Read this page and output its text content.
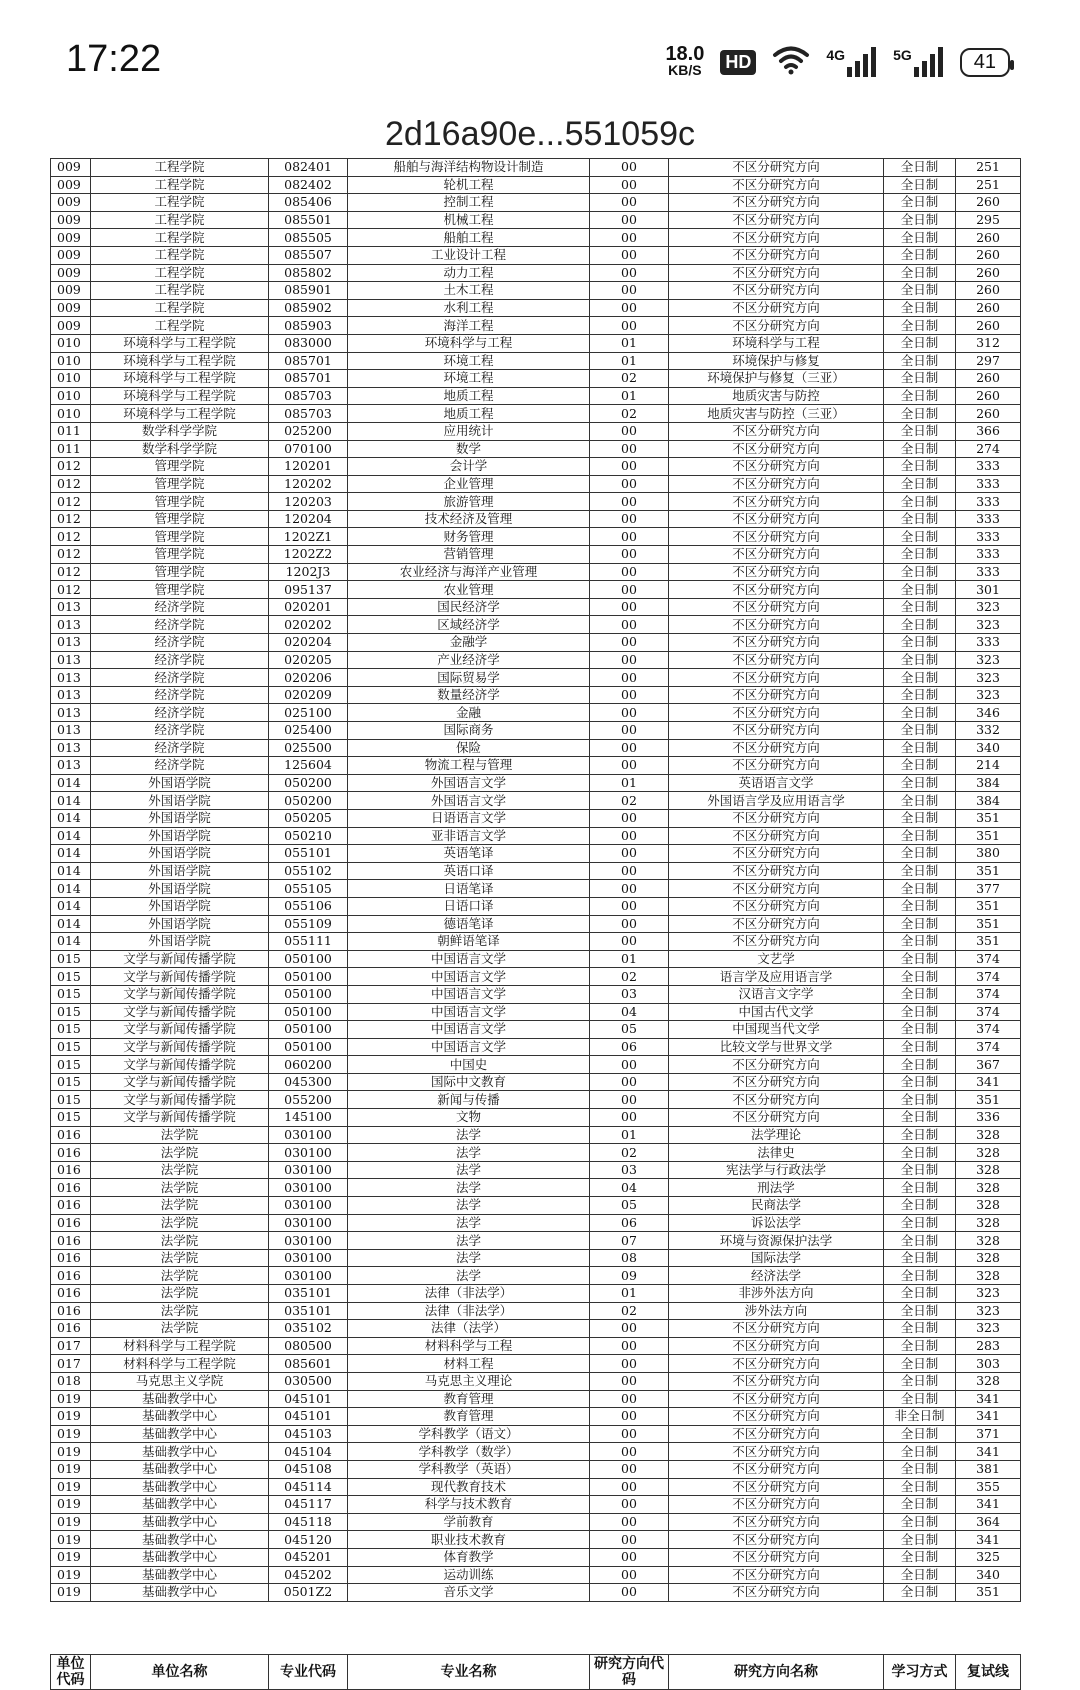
17:22	18.0
KB/S HD	4G	5G	41
2d16a90e...551059c
009	工程学院	082401	船舶与海洋结构物设计制造	00	不区分研究方向	全日制	251
009	工程学院	082402	轮机工程	00	不区分研究方向	全日制	251
009	工程学院	085406	控制工程	00	不区分研究方向	全日制	260
009	工程学院	085501	机械工程	00	不区分研究方向	全日制	295
009	工程学院	085505	船舶工程	00	不区分研究方向	全日制	260
009	工程学院	085507	工业设计工程	00	不区分研究方向	全日制	260
009	工程学院	085802	动力工程	00	不区分研究方向	全日制	260
009	工程学院	085901	土木工程	00	不区分研究方向	全日制	260
009	工程学院	085902	水利工程	00	不区分研究方向	全日制	260
009	工程学院	085903	海洋工程	00	不区分研究方向	全日制	260
010	环境科学与工程学院	083000	环境科学与工程	01	环境科学与工程	全日制	312
010	环境科学与工程学院	085701	环境工程	01	环境保护与修复	全日制	297
010	环境科学与工程学院	085701	环境工程	02	环境保护与修复（三亚）	全日制	260
010	环境科学与工程学院	085703	地质工程	01	地质灾害与防控	全日制	260
010	环境科学与工程学院	085703	地质工程	02	地质灾害与防控（三亚）	全日制	260
011	数学科学学院	025200	应用统计	00	不区分研究方向	全日制	366
011	数学科学学院	070100	数学	00	不区分研究方向	全日制	274
012	管理学院	120201	会计学	00	不区分研究方向	全日制	333
012	管理学院	120202	企业管理	00	不区分研究方向	全日制	333
012	管理学院	120203	旅游管理	00	不区分研究方向	全日制	333
012	管理学院	120204	技术经济及管理	00	不区分研究方向	全日制	333
012	管理学院	1202Z1	财务管理	00	不区分研究方向	全日制	333
012	管理学院	1202Z2	营销管理	00	不区分研究方向	全日制	333
012	管理学院	1202J3	农业经济与海洋产业管理	00	不区分研究方向	全日制	333
012	管理学院	095137	农业管理	00	不区分研究方向	全日制	301
013	经济学院	020201	国民经济学	00	不区分研究方向	全日制	323
013	经济学院	020202	区域经济学	00	不区分研究方向	全日制	323
013	经济学院	020204	金融学	00	不区分研究方向	全日制	333
013	经济学院	020205	产业经济学	00	不区分研究方向	全日制	323
013	经济学院	020206	国际贸易学	00	不区分研究方向	全日制	323
013	经济学院	020209	数量经济学	00	不区分研究方向	全日制	323
013	经济学院	025100	金融	00	不区分研究方向	全日制	346
013	经济学院	025400	国际商务	00	不区分研究方向	全日制	332
013	经济学院	025500	保险	00	不区分研究方向	全日制	340
013	经济学院	125604	物流工程与管理	00	不区分研究方向	全日制	214
014	外国语学院	050200	外国语言文学	01	英语语言文学	全日制	384
014	外国语学院	050200	外国语言文学	02	外国语言学及应用语言学	全日制	384
014	外国语学院	050205	日语语言文学	00	不区分研究方向	全日制	351
014	外国语学院	050210	亚非语言文学	00	不区分研究方向	全日制	351
014	外国语学院	055101	英语笔译	00	不区分研究方向	全日制	380
014	外国语学院	055102	英语口译	00	不区分研究方向	全日制	351
014	外国语学院	055105	日语笔译	00	不区分研究方向	全日制	377
014	外国语学院	055106	日语口译	00	不区分研究方向	全日制	351
014	外国语学院	055109	德语笔译	00	不区分研究方向	全日制	351
014	外国语学院	055111	朝鲜语笔译	00	不区分研究方向	全日制	351
015	文学与新闻传播学院	050100	中国语言文学	01	文艺学	全日制	374
015	文学与新闻传播学院	050100	中国语言文学	02	语言学及应用语言学	全日制	374
015	文学与新闻传播学院	050100	中国语言文学	03	汉语言文字学	全日制	374
015	文学与新闻传播学院	050100	中国语言文学	04	中国古代文学	全日制	374
015	文学与新闻传播学院	050100	中国语言文学	05	中国现当代文学	全日制	374
015	文学与新闻传播学院	050100	中国语言文学	06	比较文学与世界文学	全日制	374
015	文学与新闻传播学院	060200	中国史	00	不区分研究方向	全日制	367
015	文学与新闻传播学院	045300	国际中文教育	00	不区分研究方向	全日制	341
015	文学与新闻传播学院	055200	新闻与传播	00	不区分研究方向	全日制	351
015	文学与新闻传播学院	145100	文物	00	不区分研究方向	全日制	336
016	法学院	030100	法学	01	法学理论	全日制	328
016	法学院	030100	法学	02	法律史	全日制	328
016	法学院	030100	法学	03	宪法学与行政法学	全日制	328
016	法学院	030100	法学	04	刑法学	全日制	328
016	法学院	030100	法学	05	民商法学	全日制	328
016	法学院	030100	法学	06	诉讼法学	全日制	328
016	法学院	030100	法学	07	环境与资源保护法学	全日制	328
016	法学院	030100	法学	08	国际法学	全日制	328
016	法学院	030100	法学	09	经济法学	全日制	328
016	法学院	035101	法律（非法学）	01	非涉外法方向	全日制	323
016	法学院	035101	法律（非法学）	02	涉外法方向	全日制	323
016	法学院	035102	法律（法学）	00	不区分研究方向	全日制	323
017	材料科学与工程学院	080500	材料科学与工程	00	不区分研究方向	全日制	283
017	材料科学与工程学院	085601	材料工程	00	不区分研究方向	全日制	303
018	马克思主义学院	030500	马克思主义理论	00	不区分研究方向	全日制	328
019	基础教学中心	045101	教育管理	00	不区分研究方向	全日制	341
019	基础教学中心	045101	教育管理	00	不区分研究方向	非全日制	341
019	基础教学中心	045103	学科教学（语文）	00	不区分研究方向	全日制	371
019	基础教学中心	045104	学科教学（数学）	00	不区分研究方向	全日制	341
019	基础教学中心	045108	学科教学（英语）	00	不区分研究方向	全日制	381
019	基础教学中心	045114	现代教育技术	00	不区分研究方向	全日制	355
019	基础教学中心	045117	科学与技术教育	00	不区分研究方向	全日制	341
019	基础教学中心	045118	学前教育	00	不区分研究方向	全日制	364
019	基础教学中心	045120	职业技术教育	00	不区分研究方向	全日制	341
019	基础教学中心	045201	体育教学	00	不区分研究方向	全日制	325
019	基础教学中心	045202	运动训练	00	不区分研究方向	全日制	340
019	基础教学中心	0501Z2	音乐文学	00	不区分研究方向	全日制	351
单位代码	单位名称	专业代码	专业名称	研究方向代码	研究方向名称	学习方式	复试线
